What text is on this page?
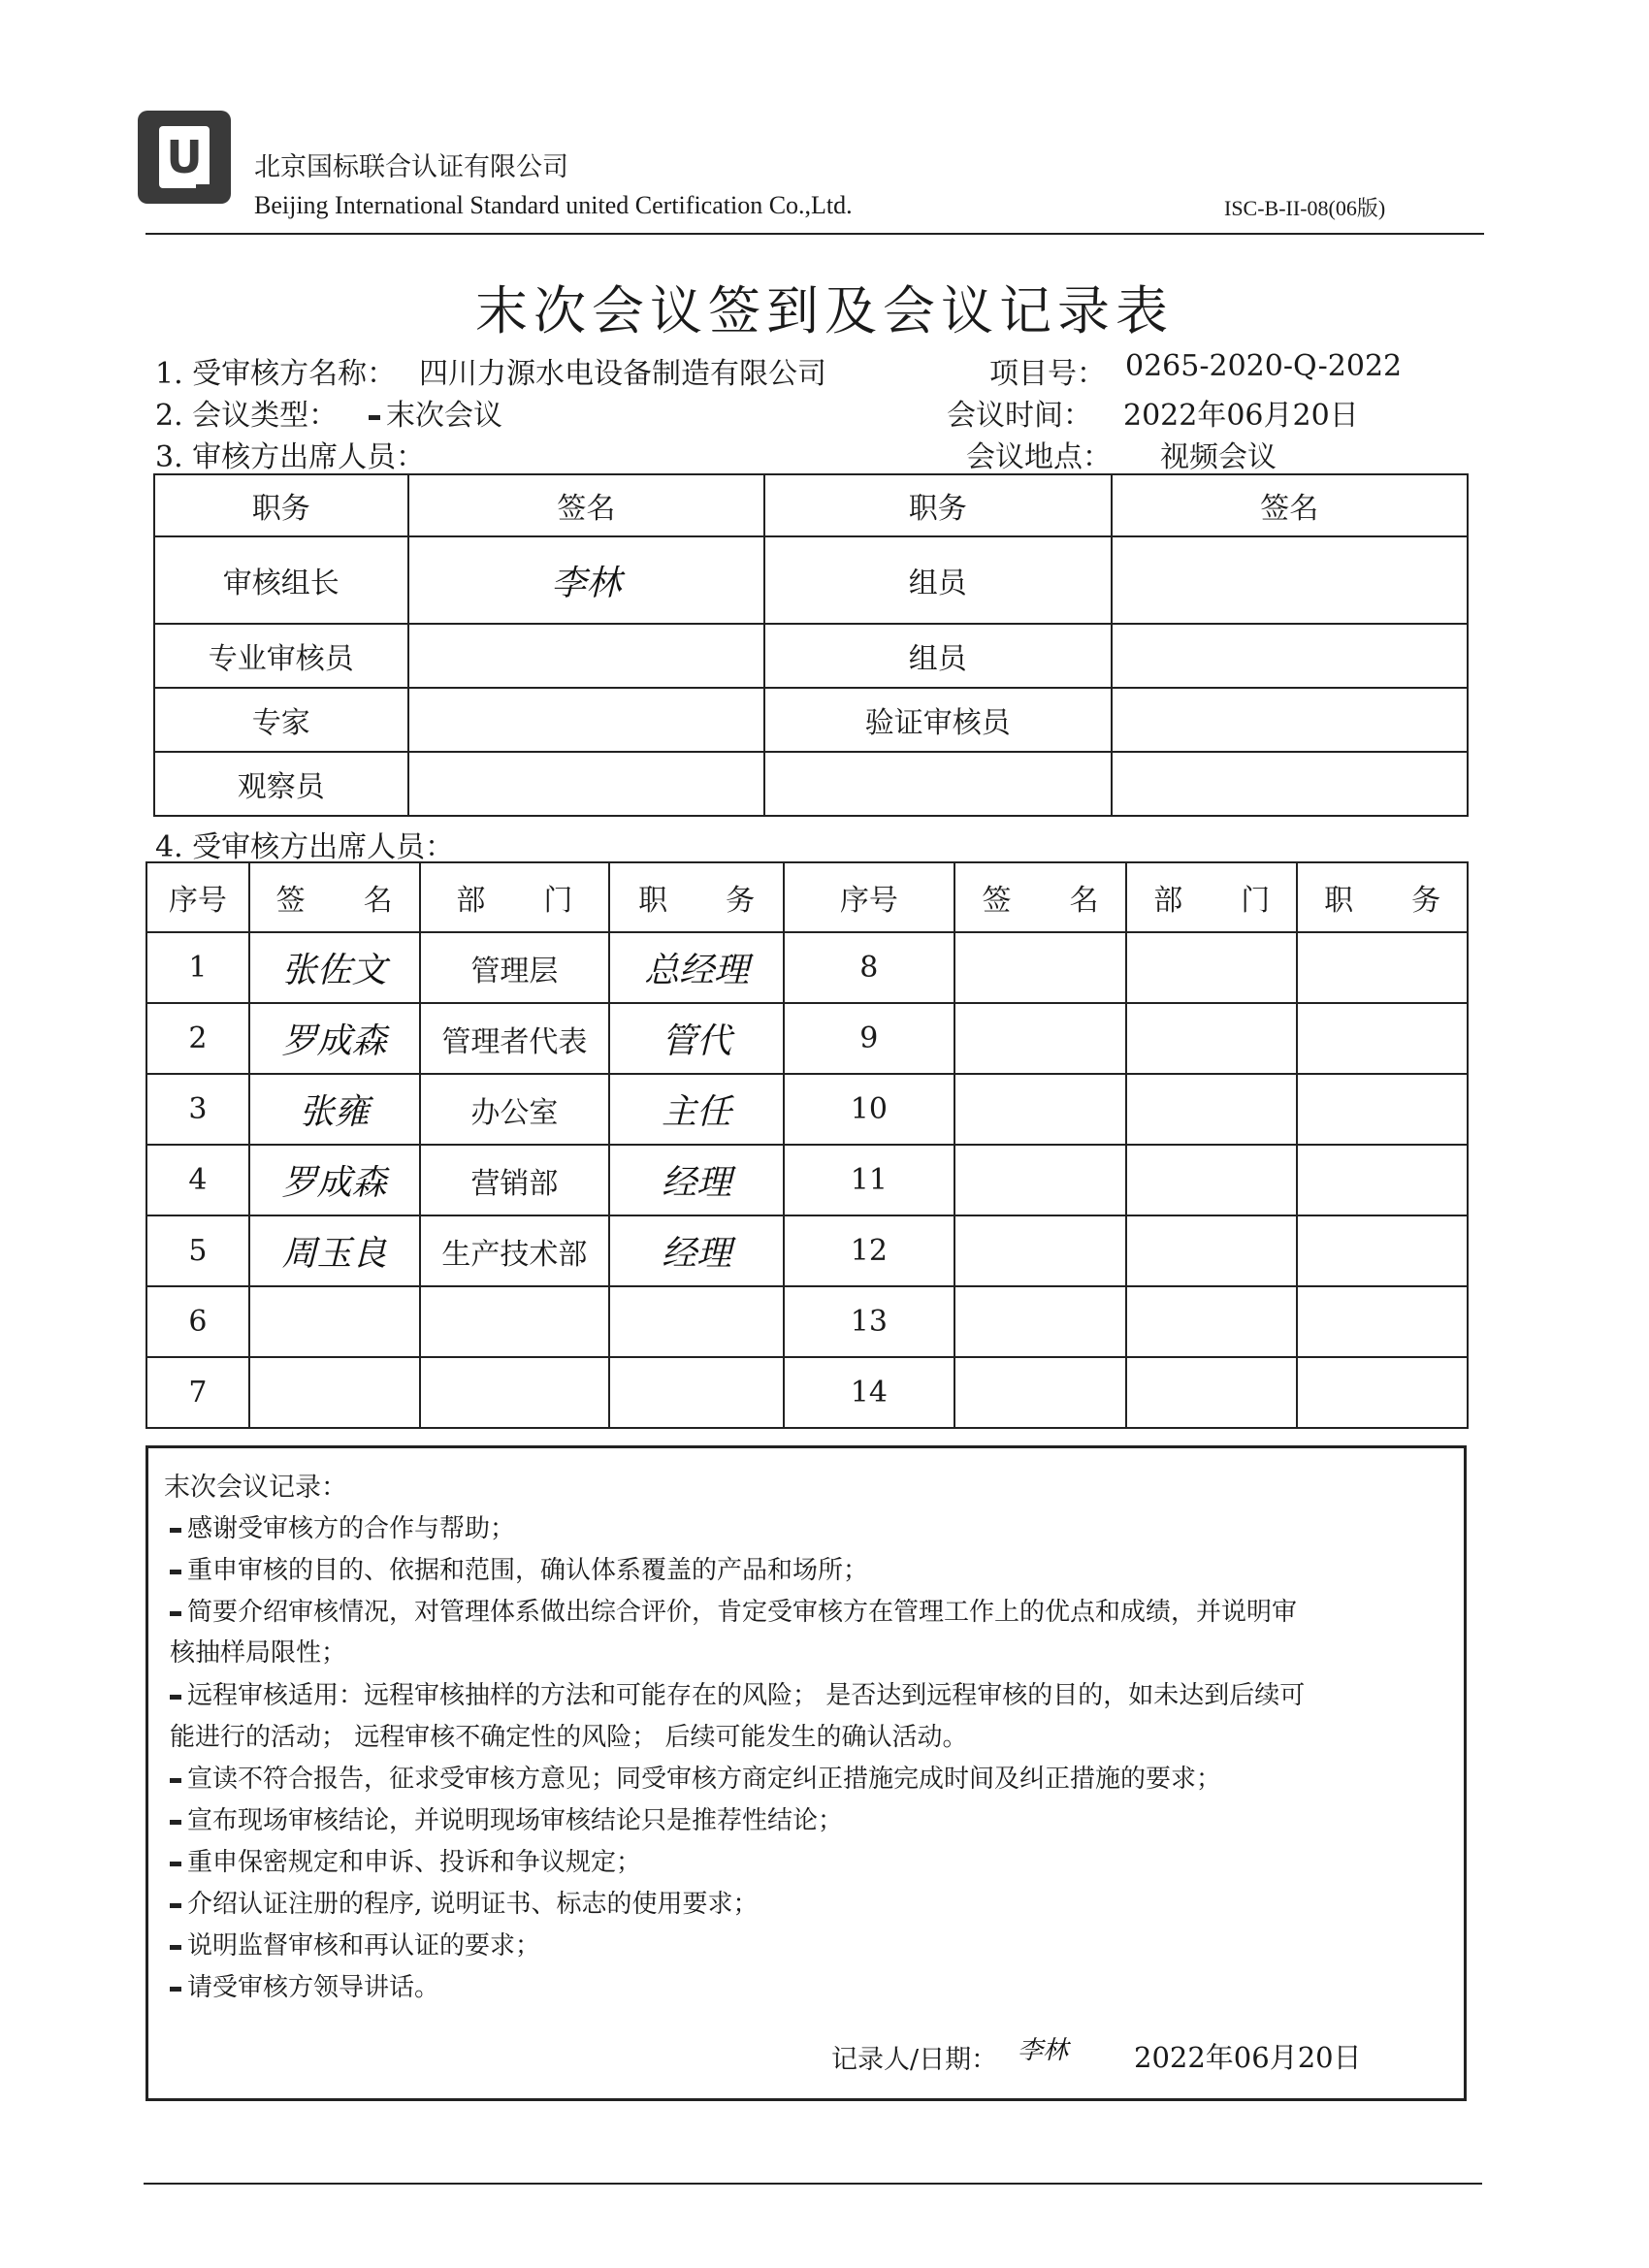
U 北京国标联合认证有限公司
Beijing International Standard united Certification Co.,Ltd.	ISC-B-II-08(06版)
末次会议签到及会议记录表
1. 受审核方名称： 四川力源水电设备制造有限公司	项目号： 0265-2020-Q-2022
2. 会议类型：	末次会议	会议时间： 2022年06月20日
3. 审核方出席人员：	会议地点： 视频会议
职务	签名	职务	签名
审核组长	李林	组员	
专业审核员		组员	
专家		验证审核员	
观察员			
4. 受审核方出席人员：
序号	签　　名	部　　门	职　　务	序号	签　　名	部　　门	职　　务
1	张佐文	管理层	总经理	8			
2	罗成森	管理者代表	管代	9			
3	张雍	办公室	主任	10			
4	罗成森	营销部	经理	11			
5	周玉良	生产技术部	经理	12			
6				13			
7				14			
末次会议记录：
感谢受审核方的合作与帮助；
重申审核的目的、依据和范围，确认体系覆盖的产品和场所；
简要介绍审核情况，对管理体系做出综合评价，肯定受审核方在管理工作上的优点和成绩，并说明审
核抽样局限性；
远程审核适用：远程审核抽样的方法和可能存在的风险； 是否达到远程审核的目的，如未达到后续可
能进行的活动； 远程审核不确定性的风险； 后续可能发生的确认活动。
宣读不符合报告，征求受审核方意见；同受审核方商定纠正措施完成时间及纠正措施的要求；
宣布现场审核结论，并说明现场审核结论只是推荐性结论；
重申保密规定和申诉、投诉和争议规定；
介绍认证注册的程序, 说明证书、标志的使用要求；
说明监督审核和再认证的要求；
请受审核方领导讲话。
记录人/日期： 李林 2022年06月20日
